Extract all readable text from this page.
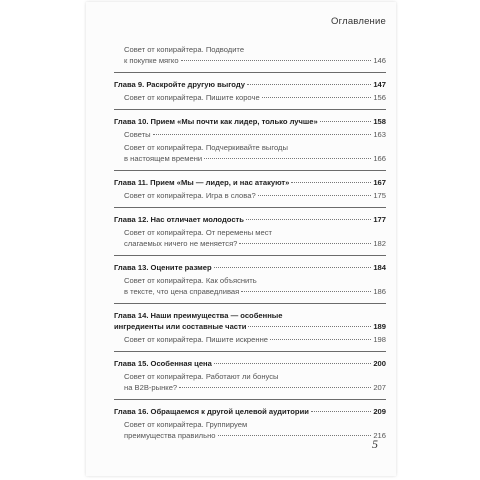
Оглавление
Совет от копирайтера. Подводите
к покупке мягко	146
Глава 9. Раскройте другую выгоду	147
Совет от копирайтера. Пишите короче	156
Глава 10. Прием «Мы почти как лидер, только лучше»	158
Советы	163
Совет от копирайтера. Подчеркивайте выгоды
в настоящем времени	166
Глава 11. Прием «Мы — лидер, и нас атакуют»	167
Совет от копирайтера. Игра в слова?	175
Глава 12. Нас отличает молодость	177
Совет от копирайтера. От перемены мест
слагаемых ничего не меняется?	182
Глава 13. Оцените размер	184
Совет от копирайтера. Как объяснить
в тексте, что цена справедливая	186
Глава 14. Наши преимущества — особенные
ингредиенты или составные части	189
Совет от копирайтера. Пишите искренне	198
Глава 15. Особенная цена	200
Совет от копирайтера. Работают ли бонусы
на B2B-рынке?	207
Глава 16. Обращаемся к другой целевой аудитории	209
Совет от копирайтера. Группируем
преимущества правильно	216
5
